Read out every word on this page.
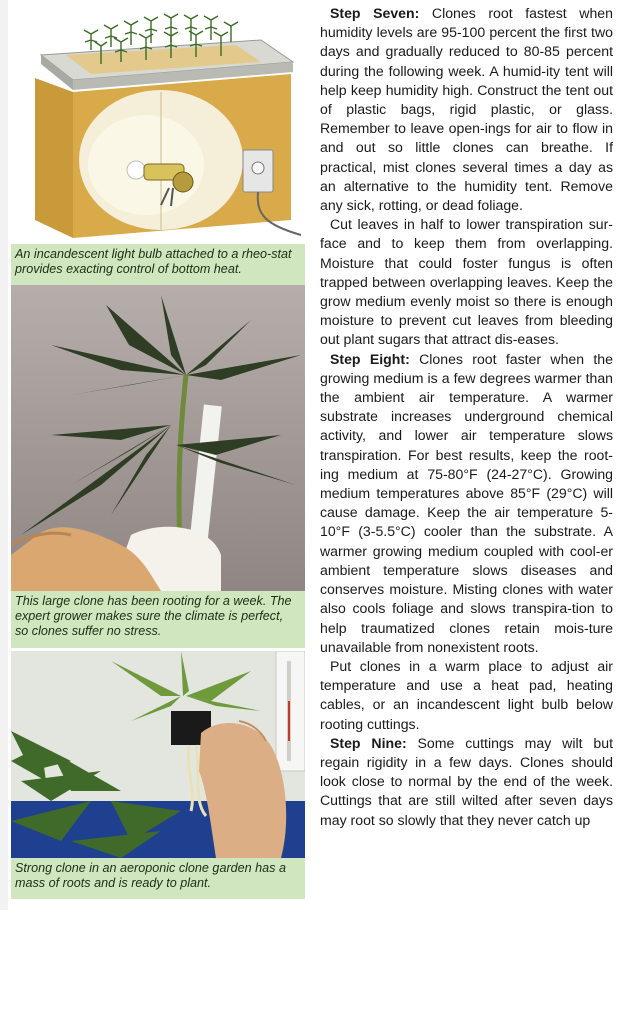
An incandescent light bulb attached to a rheo-stat provides exacting control of bottom heat.
This large clone has been rooting for a week. The expert grower makes sure the climate is perfect, so clones suffer no stress.
Strong clone in an aeroponic clone garden has a mass of roots and is ready to plant.

Step Seven: Clones root fastest when humidity levels are 95-100 percent the first two days and gradually reduced to 80-85 percent during the following week. A humid-ity tent will help keep humidity high. Construct the tent out of plastic bags, rigid plastic, or glass. Remember to leave open-ings for air to flow in and out so little clones can breathe. If practical, mist clones several times a day as an alternative to the humidity tent. Remove any sick, rotting, or dead foliage.

Cut leaves in half to lower transpiration sur-face and to keep them from overlapping. Moisture that could foster fungus is often trapped between overlapping leaves. Keep the grow medium evenly moist so there is enough moisture to prevent cut leaves from bleeding out plant sugars that attract dis-eases.

Step Eight: Clones root faster when the growing medium is a few degrees warmer than the ambient air temperature. A warmer substrate increases underground chemical activity, and lower air temperature slows transpiration. For best results, keep the root-ing medium at 75-80°F (24-27°C). Growing medium temperatures above 85°F (29°C) will cause damage. Keep the air temperature 5-10°F (3-5.5°C) cooler than the substrate. A warmer growing medium coupled with cool-er ambient temperature slows diseases and conserves moisture. Misting clones with water also cools foliage and slows transpira-tion to help traumatized clones retain mois-ture unavailable from nonexistent roots.

Put clones in a warm place to adjust air temperature and use a heat pad, heating cables, or an incandescent light bulb below rooting cuttings.

Step Nine: Some cuttings may wilt but regain rigidity in a few days. Clones should look close to normal by the end of the week. Cuttings that are still wilted after seven days may root so slowly that they never catch up
